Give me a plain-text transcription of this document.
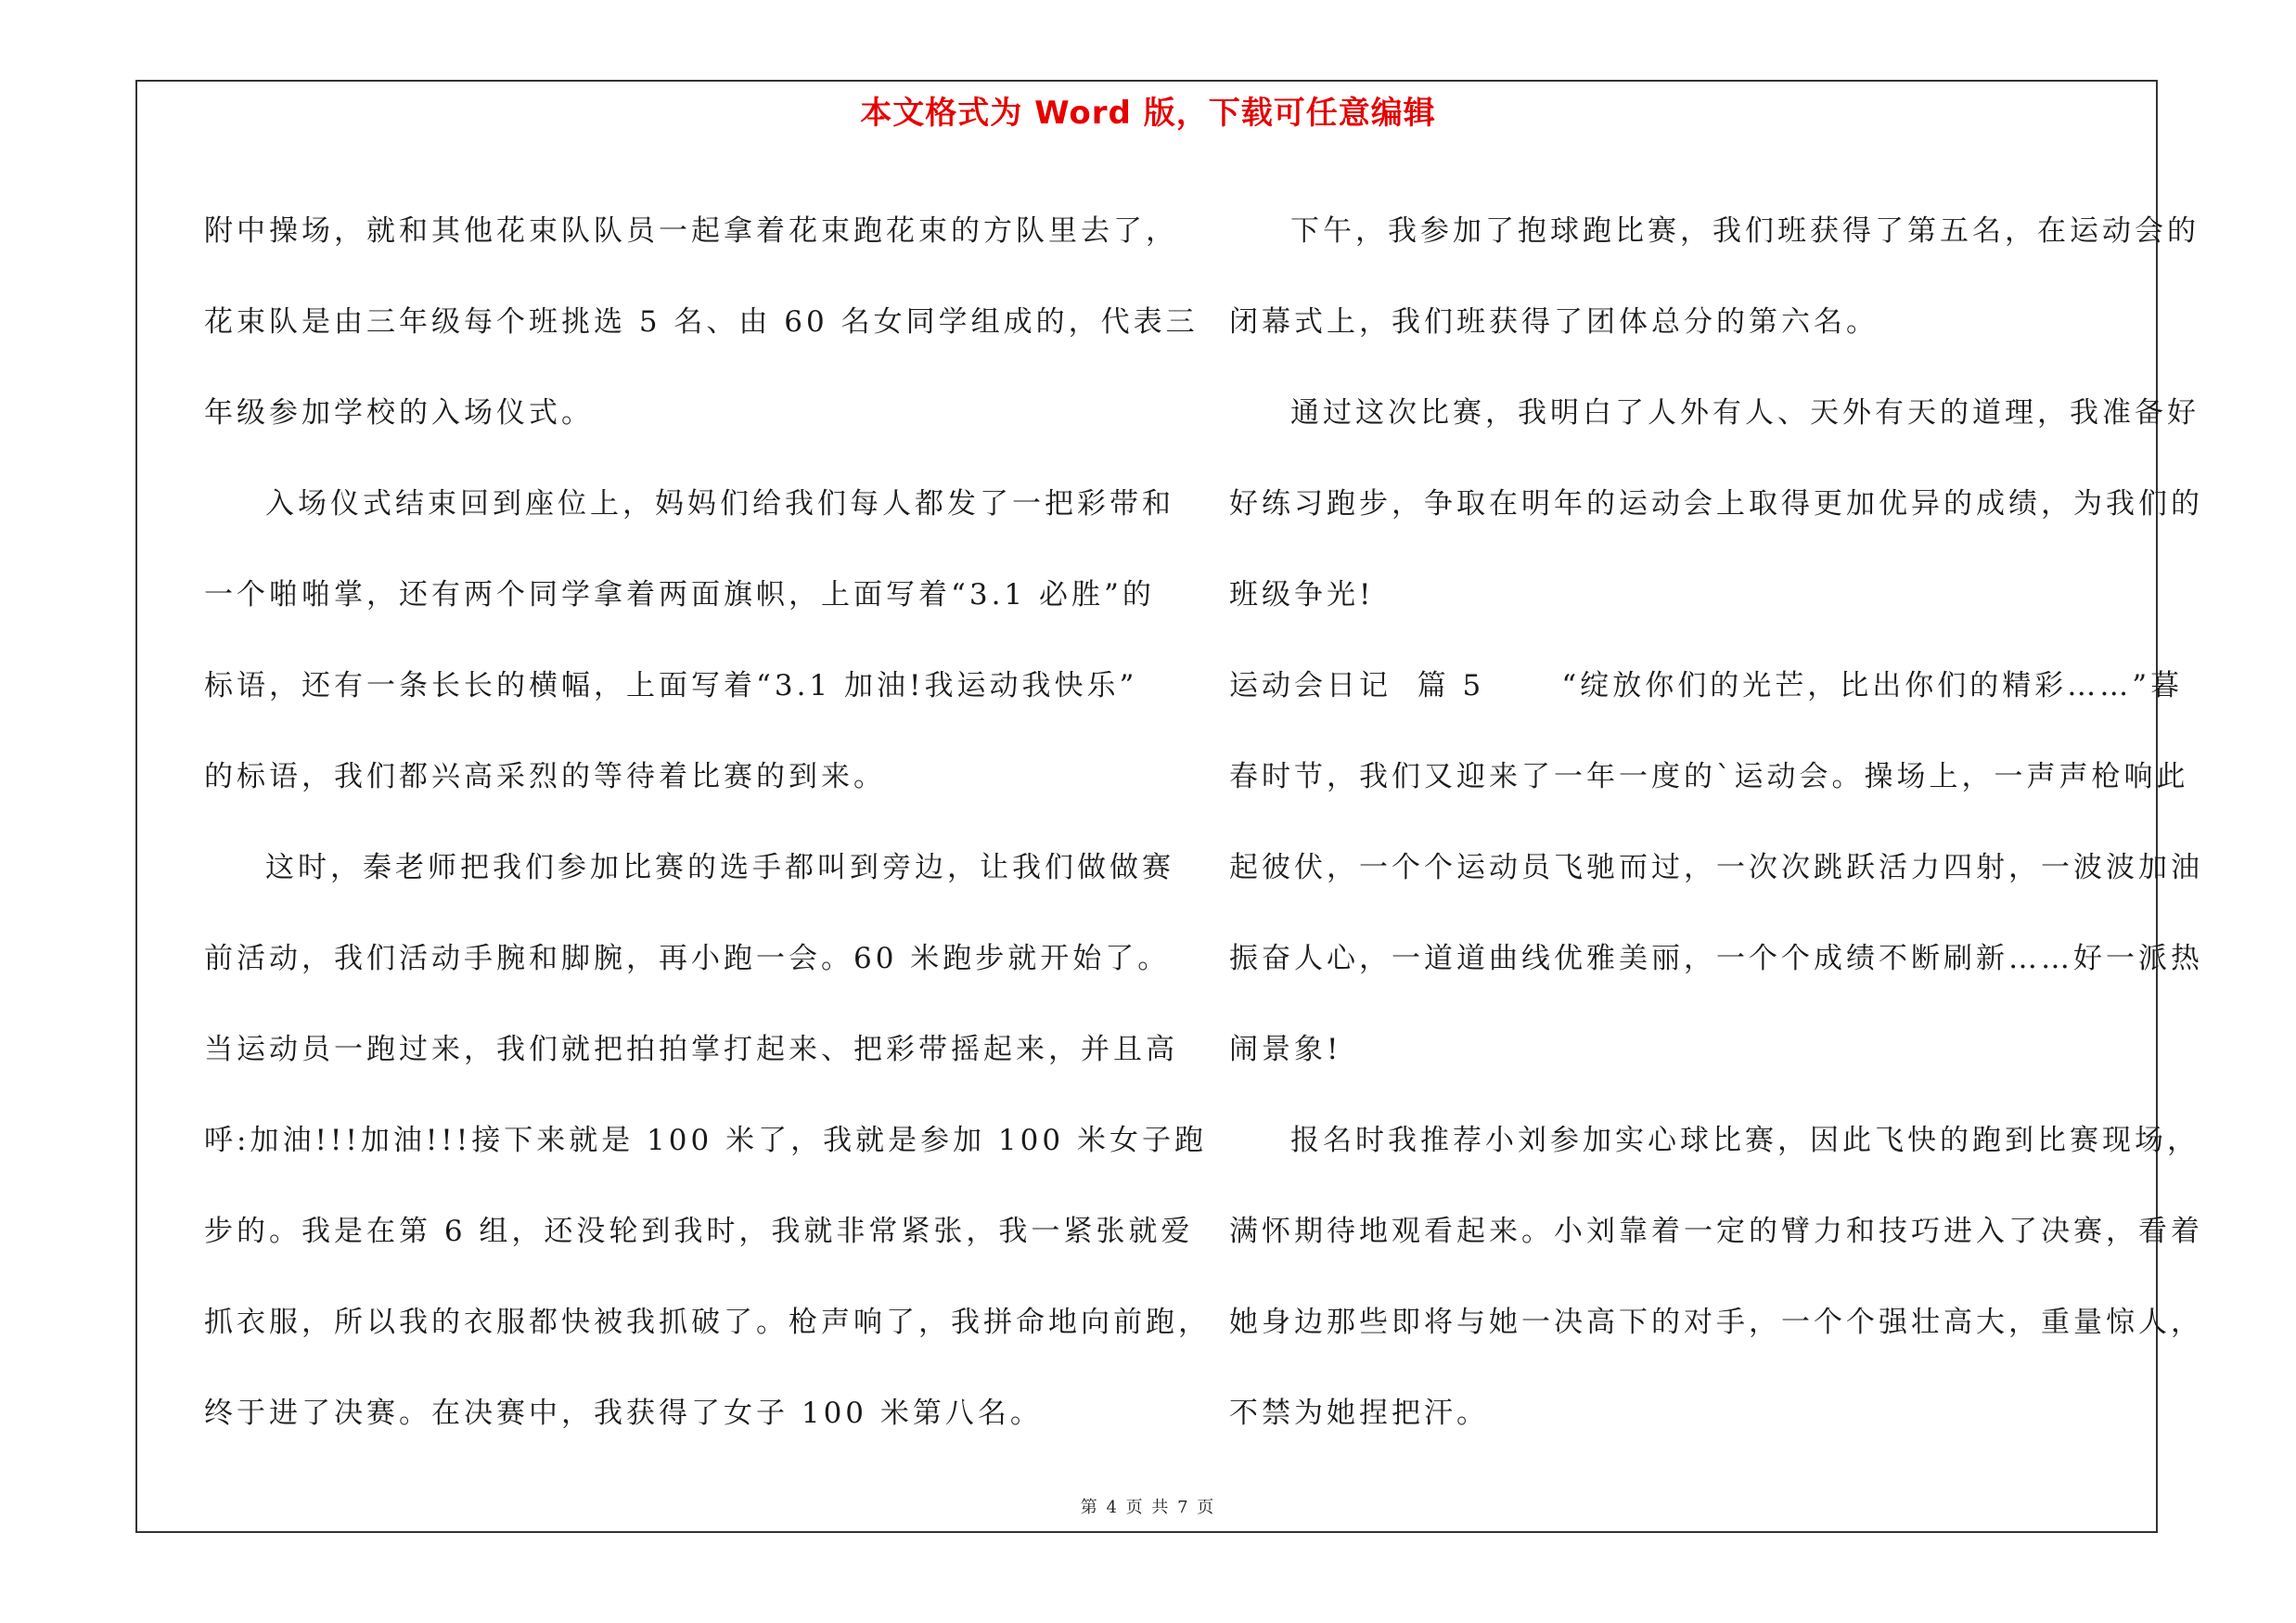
本文格式为 Word 版，下载可任意编辑
附中操场，就和其他花束队队员一起拿着花束跑花束的方队里去了，
花束队是由三年级每个班挑选 5 名、由 60 名女同学组成的，代表三
年级参加学校的入场仪式。
入场仪式结束回到座位上，妈妈们给我们每人都发了一把彩带和
一个啪啪掌，还有两个同学拿着两面旗帜，上面写着“3.1 必胜”的
标语，还有一条长长的横幅，上面写着“3.1 加油!我运动我快乐”
的标语，我们都兴高采烈的等待着比赛的到来。
这时，秦老师把我们参加比赛的选手都叫到旁边，让我们做做赛
前活动，我们活动手腕和脚腕，再小跑一会。60 米跑步就开始了。
当运动员一跑过来，我们就把拍拍掌打起来、把彩带摇起来，并且高
呼:加油!!!加油!!!接下来就是 100 米了，我就是参加 100 米女子跑
步的。我是在第 6 组，还没轮到我时，我就非常紧张，我一紧张就爱
抓衣服，所以我的衣服都快被我抓破了。枪声响了，我拼命地向前跑，
终于进了决赛。在决赛中，我获得了女子 100 米第八名。
下午，我参加了抱球跑比赛，我们班获得了第五名，在运动会的
闭幕式上，我们班获得了团体总分的第六名。
通过这次比赛，我明白了人外有人、天外有天的道理，我准备好
好练习跑步，争取在明年的运动会上取得更加优异的成绩，为我们的
班级争光!
运动会日记  篇 5      “绽放你们的光芒，比出你们的精彩……”暮
春时节，我们又迎来了一年一度的`运动会。操场上，一声声枪响此
起彼伏，一个个运动员飞驰而过，一次次跳跃活力四射，一波波加油
振奋人心，一道道曲线优雅美丽，一个个成绩不断刷新……好一派热
闹景象!
报名时我推荐小刘参加实心球比赛，因此飞快的跑到比赛现场，
满怀期待地观看起来。小刘靠着一定的臂力和技巧进入了决赛，看着
她身边那些即将与她一决高下的对手，一个个强壮高大，重量惊人，
不禁为她捏把汗。
第 4 页 共 7 页
